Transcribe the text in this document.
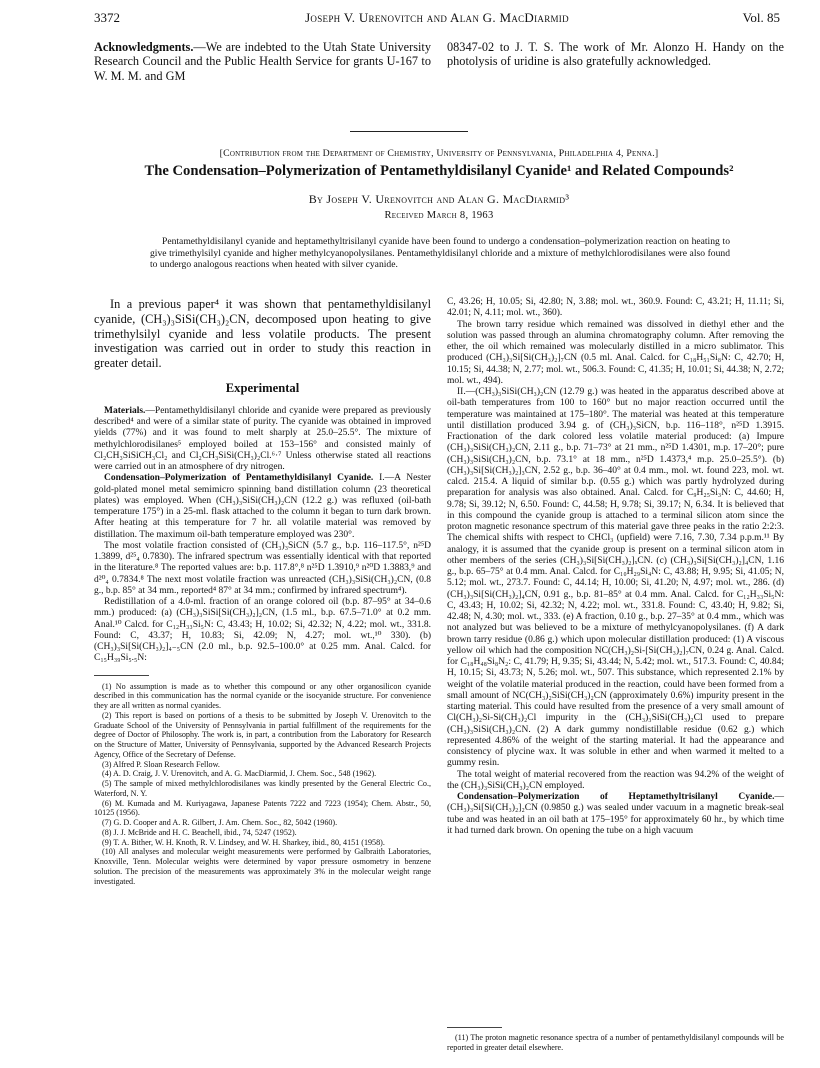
3372	Joseph V. Urenovitch and Alan G. MacDiarmid	Vol. 85

Acknowledgments.—We are indebted to the Utah State University Research Council and the Public Health Service for grants U-167 to W. M. M. and GM

08347-02 to J. T. S. The work of Mr. Alonzo H. Handy on the photolysis of uridine is also gratefully acknowledged.

[Contribution from the Department of Chemistry, University of Pennsylvania, Philadelphia 4, Penna.]
The Condensation–Polymerization of Pentamethyldisilanyl Cyanide¹ and Related Compounds²
By Joseph V. Urenovitch and Alan G. MacDiarmid³
Received March 8, 1963

Pentamethyldisilanyl cyanide and heptamethyltrisilanyl cyanide have been found to undergo a condensation–polymerization reaction on heating to give trimethylsilyl cyanide and higher methylcyanopolysilanes. Pentamethyldisilanyl chloride and a mixture of methylchlorodisilanes were also found to undergo analogous reactions when heated with silver cyanide.

In a previous paper⁴ it was shown that pentamethyldisilanyl cyanide, (CH₃)₃SiSi(CH₃)₂CN, decomposed upon heating to give trimethylsilyl cyanide and less volatile products. The present investigation was carried out in order to study this reaction in greater detail.

Experimental

Materials.—Pentamethyldisilanyl chloride and cyanide were prepared as previously described⁴ and were of a similar state of purity. The cyanide was obtained in improved yields (77%) and it was found to melt sharply at 25.0–25.5°. The mixture of methylchlorodisilanes⁵ employed boiled at 153–156° and consisted mainly of Cl₂CH₃SiSiCH₃Cl₂ and Cl₂CH₃SiSi(CH₃)₂Cl.⁶·⁷ Unless otherwise stated all reactions were carried out in an atmosphere of dry nitrogen.

Condensation–Polymerization of Pentamethyldisilanyl Cyanide. I.—A Nester gold-plated monel metal semimicro spinning band distillation column (23 theoretical plates) was employed. When (CH₃)₃SiSi(CH₃)₂CN (12.2 g.) was refluxed (oil-bath temperature 175°) in a 25-ml. flask attached to the column it began to turn dark brown. After heating at this temperature for 7 hr. all volatile material was removed by distillation. The maximum oil-bath temperature employed was 230°.

The most volatile fraction consisted of (CH₃)₃SiCN (5.7 g., b.p. 116–117.5°, n²⁵D 1.3899, d²⁵₄ 0.7830). The infrared spectrum was essentially identical with that reported in the literature.⁸ The reported values are: b.p. 117.8°,⁸ n²⁵D 1.3910,⁹ n²⁰D 1.3883,⁹ and d²⁰₄ 0.7834.⁸ The next most volatile fraction was unreacted (CH₃)₃SiSi(CH₃)₂CN, (0.8 g., b.p. 85° at 34 mm., reported⁴ 87° at 34 mm.; confirmed by infrared spectrum⁴).

Redistillation of a 4.0-ml. fraction of an orange colored oil (b.p. 87–95° at 34–0.6 mm.) produced: (a) (CH₃)₃SiSi[Si(CH₃)₂]₂CN, (1.5 ml., b.p. 67.5–71.0° at 0.2 mm. Anal.¹⁰ Calcd. for C₁₂H₃₃Si₅N: C, 43.43; H, 10.02; Si, 42.32; N, 4.22; mol. wt., 331.8. Found: C, 43.37; H, 10.83; Si, 42.09; N, 4.27; mol. wt.,¹⁰ 330). (b) (CH₃)₃Si[Si(CH₃)₂]₄₋₅CN (2.0 ml., b.p. 92.5–100.0° at 0.25 mm. Anal. Calcd. for C₁₅H₃₉Si₅.₅N:

(1) No assumption is made as to whether this compound or any other organosilicon cyanide described in this communication has the normal cyanide or the isocyanide structure. For convenience they are all written as normal cyanides.

(2) This report is based on portions of a thesis to be submitted by Joseph V. Urenovitch to the Graduate School of the University of Pennsylvania in partial fulfillment of the requirements for the degree of Doctor of Philosophy. The work is, in part, a contribution from the Laboratory for Research on the Structure of Matter, University of Pennsylvania, supported by the Advanced Research Projects Agency, Office of the Secretary of Defense.

(3) Alfred P. Sloan Research Fellow.

(4) A. D. Craig, J. V. Urenovitch, and A. G. MacDiarmid, J. Chem. Soc., 548 (1962).

(5) The sample of mixed methylchlorodisilanes was kindly presented by the General Electric Co., Waterford, N. Y.

(6) M. Kumada and M. Kuriyagawa, Japanese Patents 7222 and 7223 (1954); Chem. Abstr., 50, 10125 (1956).

(7) G. D. Cooper and A. R. Gilbert, J. Am. Chem. Soc., 82, 5042 (1960).

(8) J. J. McBride and H. C. Beachell, ibid., 74, 5247 (1952).

(9) T. A. Bither, W. H. Knoth, R. V. Lindsey, and W. H. Sharkey, ibid., 80, 4151 (1958).

(10) All analyses and molecular weight measurements were performed by Galbraith Laboratories, Knoxville, Tenn. Molecular weights were determined by vapor pressure osmometry in benzene solution. The precision of the measurements was approximately 3% in the molecular weight range investigated.

C, 43.26; H, 10.05; Si, 42.80; N, 3.88; mol. wt., 360.9. Found: C, 43.21; H, 11.11; Si, 42.01; N, 4.11; mol. wt., 360).

The brown tarry residue which remained was dissolved in diethyl ether and the solution was passed through an alumina chromatography column. After removing the ether, the oil which remained was molecularly distilled in a micro sublimator. This produced (CH₃)₃Si[Si(CH₃)₂]₇CN (0.5 ml. Anal. Calcd. for C₁₈H₅₁Si₈N: C, 42.70; H, 10.15; Si, 44.38; N, 2.77; mol. wt., 506.3. Found: C, 41.35; H, 10.01; Si, 44.38; N, 2.72; mol. wt., 494).

II.—(CH₃)₃SiSi(CH₃)₂CN (12.79 g.) was heated in the apparatus described above at oil-bath temperatures from 100 to 160° but no major reaction occurred until the temperature was maintained at 175–180°. The material was heated at this temperature until distillation produced 3.94 g. of (CH₃)₃SiCN, b.p. 116–118°, n²⁵D 1.3915. Fractionation of the dark colored less volatile material produced: (a) Impure (CH₃)₃SiSi(CH₃)₂CN, 2.11 g., b.p. 71–73° at 21 mm., n²⁵D 1.4301, m.p. 17–20°; pure (CH₃)₃SiSi(CH₃)₂CN, b.p. 73.1° at 18 mm., n²⁵D 1.4373,⁴ m.p. 25.0–25.5°). (b) (CH₃)₃Si[Si(CH₃)₂]₃CN, 2.52 g., b.p. 36–40° at 0.4 mm., mol. wt. found 223, mol. wt. calcd. 215.4. A liquid of similar b.p. (0.55 g.) which was partly hydrolyzed during preparation for analysis was also obtained. Anal. Calcd. for C₉H₂₅Si₃N: C, 44.60; H, 9.78; Si, 39.12; N, 6.50. Found: C, 44.58; H, 9.78; Si, 39.17; N, 6.34. It is believed that in this compound the cyanide group is attached to a terminal silicon atom since the proton magnetic resonance spectrum of this material gave three peaks in the ratio 2:2:3. The chemical shifts with respect to CHCl₃ (upfield) were 7.16, 7.30, 7.34 p.p.m.¹¹ By analogy, it is assumed that the cyanide group is present on a terminal silicon atom in other members of the series (CH₃)₃Si[Si(CH₃)₂]ₓCN. (c) (CH₃)₃Si[Si(CH₃)₂]₄CN, 1.16 g., b.p. 65–75° at 0.4 mm. Anal. Calcd. for C₁₀H₂₉Si₄N: C, 43.88; H, 9.95; Si, 41.05; N, 5.12; mol. wt., 273.7. Found: C, 44.14; H, 10.00; Si, 41.20; N, 4.97; mol. wt., 286. (d) (CH₃)₃Si[Si(CH₃)₂]₄CN, 0.91 g., b.p. 81–85° at 0.4 mm. Anal. Calcd. for C₁₂H₃₃Si₅N: C, 43.43; H, 10.02; Si, 42.32; N, 4.22; mol. wt., 331.8. Found: C, 43.40; H, 9.82; Si, 42.48; N, 4.30; mol. wt., 333. (e) A fraction, 0.10 g., b.p. 27–35° at 0.4 mm., which was not analyzed but was believed to be a mixture of methylcyanopolysilanes. (f) A dark brown tarry residue (0.86 g.) which upon molecular distillation produced: (1) A viscous yellow oil which had the composition NC(CH₃)₂Si-[Si(CH₃)₂]₇CN, 0.24 g. Anal. Calcd. for C₁₈H₄₈Si₈N₂: C, 41.79; H, 9.35; Si, 43.44; N, 5.42; mol. wt., 517.3. Found: C, 40.84; H, 10.15; Si, 43.73; N, 5.26; mol. wt., 507. This substance, which represented 2.1% by weight of the volatile material produced in the reaction, could have been formed from a small amount of NC(CH₃)₂SiSi(CH₃)₂CN (approximately 0.6%) impurity present in the starting material. This could have resulted from the presence of a very small amount of Cl(CH₃)₂Si-Si(CH₃)₂Cl impurity in the (CH₃)₃SiSi(CH₃)₂Cl used to prepare (CH₃)₃SiSi(CH₃)₂CN. (2) A dark gummy nondistillable residue (0.62 g.) which represented 4.86% of the weight of the starting material. It had the appearance and consistency of plycine wax. It was soluble in ether and when warmed it melted to a gummy resin.

The total weight of material recovered from the reaction was 94.2% of the weight of the (CH₃)₃SiSi(CH₃)₂CN employed.

Condensation–Polymerization of Heptamethyltrisilanyl Cyanide.—(CH₃)₃Si[Si(CH₃)₂]₂CN (0.9850 g.) was sealed under vacuum in a magnetic break-seal tube and was heated in an oil bath at 175–195° for approximately 60 hr., by which time it had turned dark brown. On opening the tube on a high vacuum

(11) The proton magnetic resonance spectra of a number of pentamethyldisilanyl compounds will be reported in greater detail elsewhere.
